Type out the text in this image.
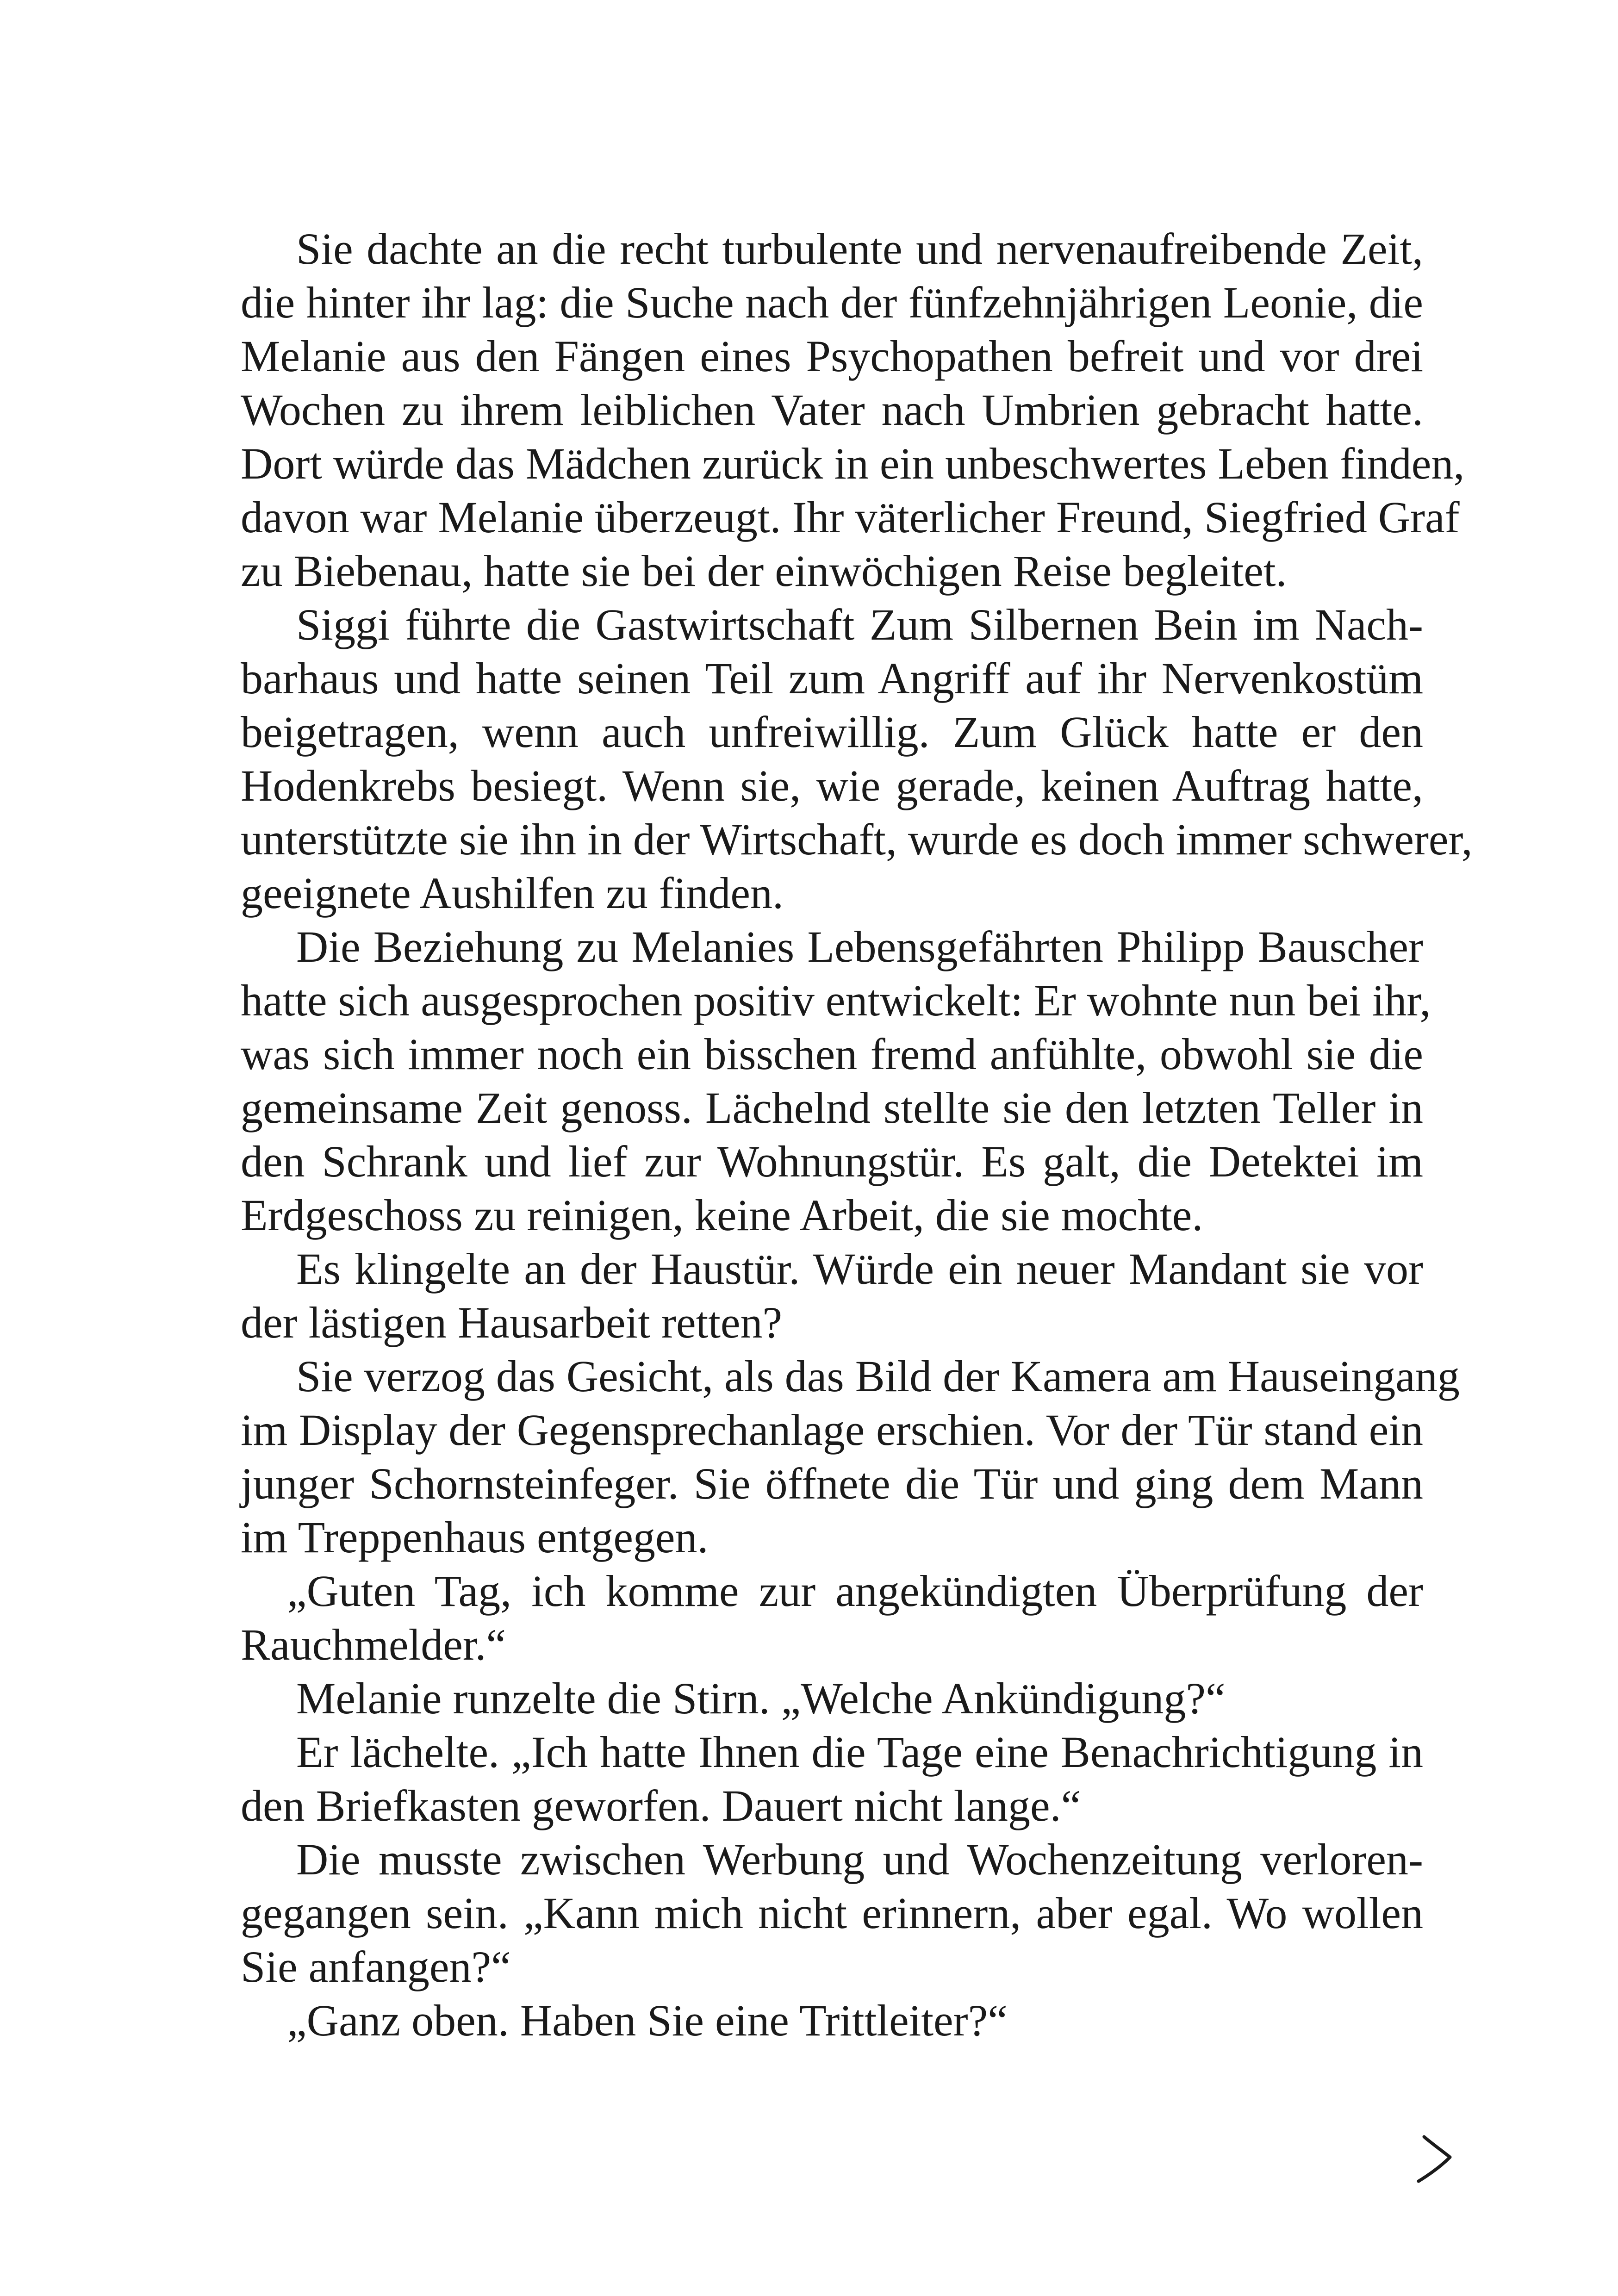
Sie dachte an die recht turbulente und nervenaufreibende Zeit,
die hinter ihr lag: die Suche nach der fünfzehnjährigen Leonie, die
Melanie aus den Fängen eines Psychopathen befreit und vor drei
Wochen zu ihrem leiblichen Vater nach Umbrien gebracht hatte.
Dort würde das Mädchen zurück in ein unbeschwertes Leben finden,
davon war Melanie überzeugt. Ihr väterlicher Freund, Siegfried Graf
zu Biebenau, hatte sie bei der einwöchigen Reise begleitet.
Siggi führte die Gastwirtschaft Zum Silbernen Bein im Nach-
barhaus und hatte seinen Teil zum Angriff auf ihr Nervenkostüm
beigetragen, wenn auch unfreiwillig. Zum Glück hatte er den
Hodenkrebs besiegt. Wenn sie, wie gerade, keinen Auftrag hatte,
unterstützte sie ihn in der Wirtschaft, wurde es doch immer schwerer,
geeignete Aushilfen zu finden.
Die Beziehung zu Melanies Lebensgefährten Philipp Bauscher
hatte sich ausgesprochen positiv entwickelt: Er wohnte nun bei ihr,
was sich immer noch ein bisschen fremd anfühlte, obwohl sie die
gemeinsame Zeit genoss. Lächelnd stellte sie den letzten Teller in
den Schrank und lief zur Wohnungstür. Es galt, die Detektei im
Erdgeschoss zu reinigen, keine Arbeit, die sie mochte.
Es klingelte an der Haustür. Würde ein neuer Mandant sie vor
der lästigen Hausarbeit retten?
Sie verzog das Gesicht, als das Bild der Kamera am Hauseingang
im Display der Gegensprechanlage erschien. Vor der Tür stand ein
junger Schornsteinfeger. Sie öffnete die Tür und ging dem Mann
im Treppenhaus entgegen.
„Guten Tag, ich komme zur angekündigten Überprüfung der
Rauchmelder.“
Melanie runzelte die Stirn. „Welche Ankündigung?“
Er lächelte. „Ich hatte Ihnen die Tage eine Benachrichtigung in
den Briefkasten geworfen. Dauert nicht lange.“
Die musste zwischen Werbung und Wochenzeitung verloren-
gegangen sein. „Kann mich nicht erinnern, aber egal. Wo wollen
Sie anfangen?“
„Ganz oben. Haben Sie eine Trittleiter?“
